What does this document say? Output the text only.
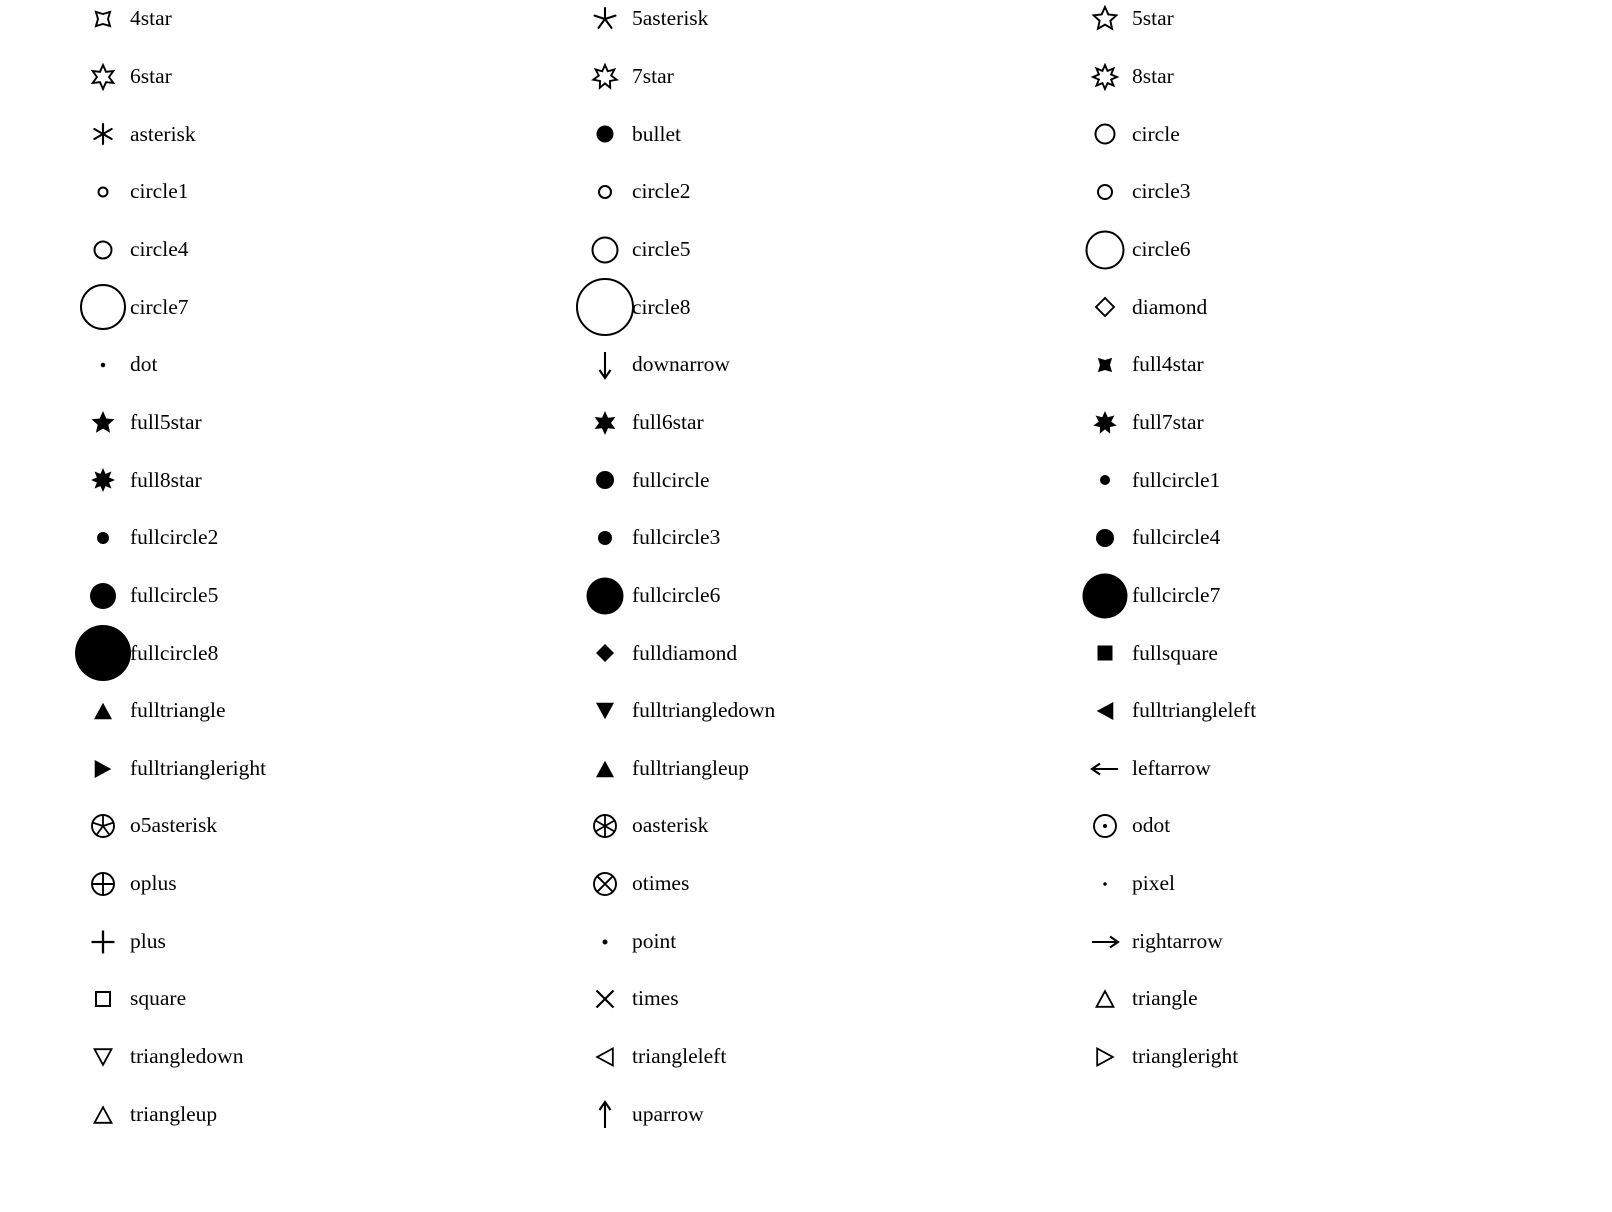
4star	5asterisk	5star
6star	7star	8star
asterisk	bullet	circle
circle1	circle2	circle3
circle4	circle5	circle6
circle7	circle8	diamond
dot	downarrow	full4star
full5star	full6star	full7star
full8star	fullcircle	fullcircle1
fullcircle2	fullcircle3	fullcircle4
fullcircle5	fullcircle6	fullcircle7
fullcircle8	fulldiamond	fullsquare
fulltriangle	fulltriangledown	fulltriangleleft
fulltriangleright	fulltriangleup	leftarrow
o5asterisk	oasterisk	odot
oplus	otimes	pixel
plus	point	rightarrow
square	times	triangle
triangledown	triangleleft	triangleright
triangleup	uparrow
